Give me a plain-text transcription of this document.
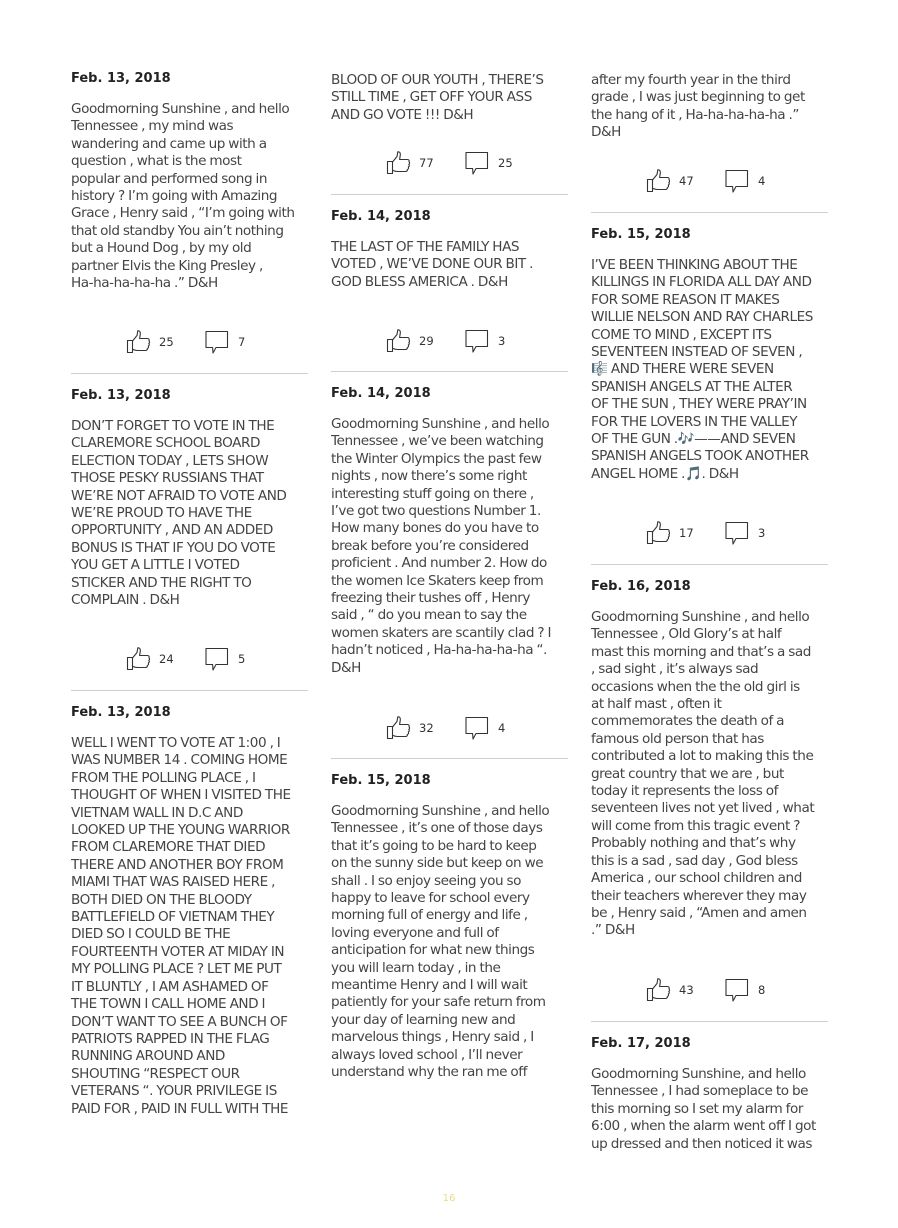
Feb. 13, 2018
Goodmorning Sunshine , and hello
Tennessee , my mind was
wandering and came up with a
question , what is the most
popular and performed song in
history ? I’m going with Amazing
Grace , Henry said , “I’m going with
that old standby You ain’t nothing
but a Hound Dog , by my old
partner Elvis the King Presley ,
Ha-ha-ha-ha-ha .” D&H
25	7
Feb. 13, 2018
DON’T FORGET TO VOTE IN THE
CLAREMORE SCHOOL BOARD
ELECTION TODAY , LETS SHOW
THOSE PESKY RUSSIANS THAT
WE’RE NOT AFRAID TO VOTE AND
WE’RE PROUD TO HAVE THE
OPPORTUNITY , AND AN ADDED
BONUS IS THAT IF YOU DO VOTE
YOU GET A LITTLE I VOTED
STICKER AND THE RIGHT TO
COMPLAIN . D&H
24	5
Feb. 13, 2018
WELL I WENT TO VOTE AT 1:00 , I
WAS NUMBER 14 . COMING HOME
FROM THE POLLING PLACE , I
THOUGHT OF WHEN I VISITED THE
VIETNAM WALL IN D.C AND
LOOKED UP THE YOUNG WARRIOR
FROM CLAREMORE THAT DIED
THERE AND ANOTHER BOY FROM
MIAMI THAT WAS RAISED HERE ,
BOTH DIED ON THE BLOODY
BATTLEFIELD OF VIETNAM THEY
DIED SO I COULD BE THE
FOURTEENTH VOTER AT MIDAY IN
MY POLLING PLACE ? LET ME PUT
IT BLUNTLY , I AM ASHAMED OF
THE TOWN I CALL HOME AND I
DON’T WANT TO SEE A BUNCH OF
PATRIOTS RAPPED IN THE FLAG
RUNNING AROUND AND
SHOUTING “RESPECT OUR
VETERANS “. YOUR PRIVILEGE IS
PAID FOR , PAID IN FULL WITH THE
BLOOD OF OUR YOUTH , THERE’S
STILL TIME , GET OFF YOUR ASS
AND GO VOTE !!! D&H
77	25
Feb. 14, 2018
THE LAST OF THE FAMILY HAS
VOTED , WE’VE DONE OUR BIT .
GOD BLESS AMERICA . D&H
29	3
Feb. 14, 2018
Goodmorning Sunshine , and hello
Tennessee , we’ve been watching
the Winter Olympics the past few
nights , now there’s some right
interesting stuff going on there ,
I’ve got two questions Number 1.
How many bones do you have to
break before you’re considered
proficient . And number 2. How do
the women Ice Skaters keep from
freezing their tushes off , Henry
said , “ do you mean to say the
women skaters are scantily clad ? I
hadn’t noticed , Ha-ha-ha-ha-ha “.
D&H
32	4
Feb. 15, 2018
Goodmorning Sunshine , and hello
Tennessee , it’s one of those days
that it’s going to be hard to keep
on the sunny side but keep on we
shall . I so enjoy seeing you so
happy to leave for school every
morning full of energy and life ,
loving everyone and full of
anticipation for what new things
you will learn today , in the
meantime Henry and I will wait
patiently for your safe return from
your day of learning new and
marvelous things , Henry said , I
always loved school , I’ll never
understand why the ran me off
after my fourth year in the third
grade , I was just beginning to get
the hang of it , Ha-ha-ha-ha-ha .”
D&H
47	4
Feb. 15, 2018
I’VE BEEN THINKING ABOUT THE
KILLINGS IN FLORIDA ALL DAY AND
FOR SOME REASON IT MAKES
WILLIE NELSON AND RAY CHARLES
COME TO MIND , EXCEPT ITS
SEVENTEEN INSTEAD OF SEVEN ,
🎼 AND THERE WERE SEVEN
SPANISH ANGELS AT THE ALTER
OF THE SUN , THEY WERE PRAY’IN
FOR THE LOVERS IN THE VALLEY
OF THE GUN .🎶——AND SEVEN
SPANISH ANGELS TOOK ANOTHER
ANGEL HOME .🎵. D&H
17	3
Feb. 16, 2018
Goodmorning Sunshine , and hello
Tennessee , Old Glory’s at half
mast this morning and that’s a sad
, sad sight , it’s always sad
occasions when the the old girl is
at half mast , often it
commemorates the death of a
famous old person that has
contributed a lot to making this the
great country that we are , but
today it represents the loss of
seventeen lives not yet lived , what
will come from this tragic event ?
Probably nothing and that’s why
this is a sad , sad day , God bless
America , our school children and
their teachers wherever they may
be , Henry said , “Amen and amen
.” D&H
43	8
Feb. 17, 2018
Goodmorning Sunshine, and hello
Tennessee , I had someplace to be
this morning so I set my alarm for
6:00 , when the alarm went off I got
up dressed and then noticed it was
16
